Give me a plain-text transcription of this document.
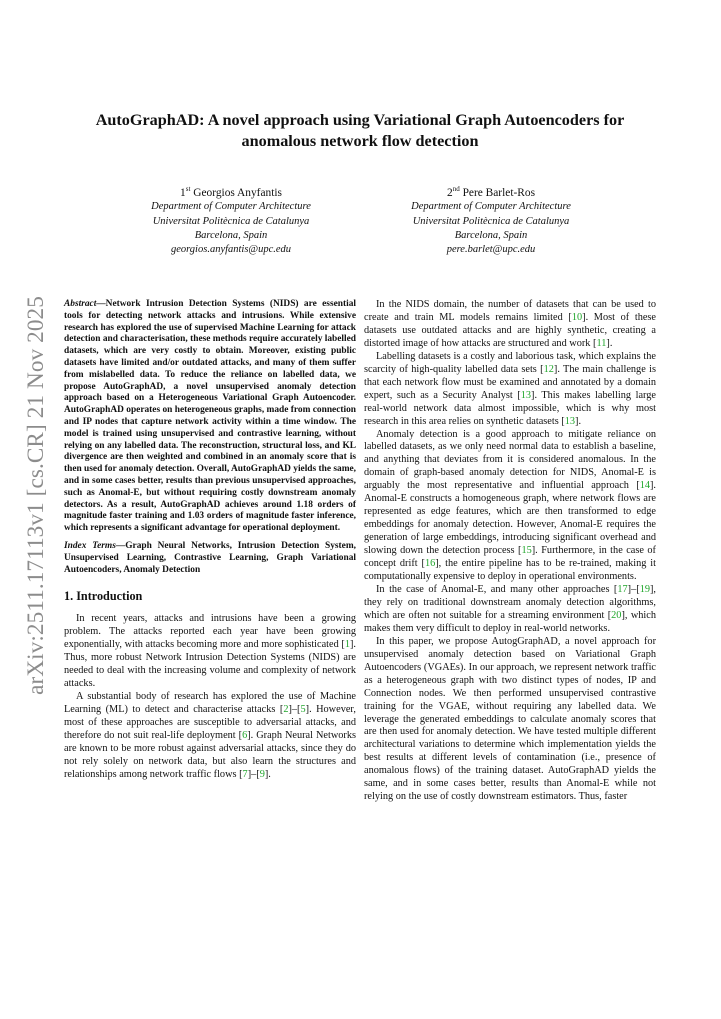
arXiv:2511.17113v1 [cs.CR] 21 Nov 2025
AutoGraphAD: A novel approach using Variational Graph Autoencoders for anomalous network flow detection
1st Georgios Anyfantis
Department of Computer Architecture
Universitat Politècnica de Catalunya
Barcelona, Spain
georgios.anyfantis@upc.edu
2nd Pere Barlet-Ros
Department of Computer Architecture
Universitat Politècnica de Catalunya
Barcelona, Spain
pere.barlet@upc.edu

Abstract—Network Intrusion Detection Systems (NIDS) are essential tools for detecting network attacks and intrusions. While extensive research has explored the use of supervised Machine Learning for attack detection and characterisation, these methods require accurately labelled datasets, which are very costly to obtain. Moreover, existing public datasets have limited and/or outdated attacks, and many of them suffer from mislabelled data. To reduce the reliance on labelled data, we propose AutoGraphAD, a novel unsupervised anomaly detection approach based on a Heterogeneous Variational Graph Autoencoder. AutoGraphAD operates on heterogeneous graphs, made from connection and IP nodes that capture network activity within a time window. The model is trained using unsupervised and contrastive learning, without relying on any labelled data. The reconstruction, structural loss, and KL divergence are then weighted and combined in an anomaly score that is then used for anomaly detection. Overall, AutoGraphAD yields the same, and in some cases better, results than previous unsupervised approaches, such as Anomal-E, but without requiring costly downstream anomaly detectors. As a result, AutoGraphAD achieves around 1.18 orders of magnitude faster training and 1.03 orders of magnitude faster inference, which represents a significant advantage for operational deployment.

Index Terms—Graph Neural Networks, Intrusion Detection System, Unsupervised Learning, Contrastive Learning, Graph Variational Autoencoders, Anomaly Detection

1. Introduction

In recent years, attacks and intrusions have been a growing problem. The attacks reported each year have been growing exponentially, with attacks becoming more and more sophisticated [1]. Thus, more robust Network Intrusion Detection Systems (NIDS) are needed to deal with the increasing volume and complexity of network attacks.

A substantial body of research has explored the use of Machine Learning (ML) to detect and characterise attacks [2]–[5]. However, most of these approaches are susceptible to adversarial attacks, and therefore do not suit real-life deployment [6]. Graph Neural Networks are known to be more robust against adversarial attacks, since they do not rely solely on network data, but also learn the structures and relationships among network traffic flows [7]–[9].

In the NIDS domain, the number of datasets that can be used to create and train ML models remains limited [10]. Most of these datasets use outdated attacks and are highly synthetic, creating a distorted image of how attacks are structured and work [11].

Labelling datasets is a costly and laborious task, which explains the scarcity of high-quality labelled data sets [12]. The main challenge is that each network flow must be examined and annotated by a domain expert, such as a Security Analyst [13]. This makes labelling large real-world network data almost impossible, which is why most research in this area relies on synthetic datasets [13].

Anomaly detection is a good approach to mitigate reliance on labelled datasets, as we only need normal data to establish a baseline, and anything that deviates from it is considered anomalous. In the domain of graph-based anomaly detection for NIDS, Anomal-E is arguably the most representative and influential approach [14]. Anomal-E constructs a homogeneous graph, where network flows are represented as edge features, which are then transformed to edge embeddings for anomaly detection. However, Anomal-E requires the generation of large embeddings, introducing significant overhead and slowing down the detection process [15]. Furthermore, in the case of concept drift [16], the entire pipeline has to be re-trained, making it computationally expensive to deploy in operational environments.

In the case of Anomal-E, and many other approaches [17]–[19], they rely on traditional downstream anomaly detection algorithms, which are often not suitable for a streaming environment [20], which makes them very difficult to deploy in real-world networks.

In this paper, we propose AutogGraphAD, a novel approach for unsupervised anomaly detection based on Variational Graph Autoencoders (VGAEs). In our approach, we represent network traffic as a heterogeneous graph with two distinct types of nodes, IP and Connection nodes. We then performed unsupervised contrastive training for the VGAE, without requiring any labelled data. We leverage the generated embeddings to calculate anomaly scores that are then used for anomaly detection. We have tested multiple different architectural variations to determine which implementation yields the best results at different levels of contamination (i.e., presence of anomalous flows) of the training dataset. AutoGraphAD yields the same, and in some cases better, results than Anomal-E while not relying on the use of costly downstream estimators. Thus, faster
